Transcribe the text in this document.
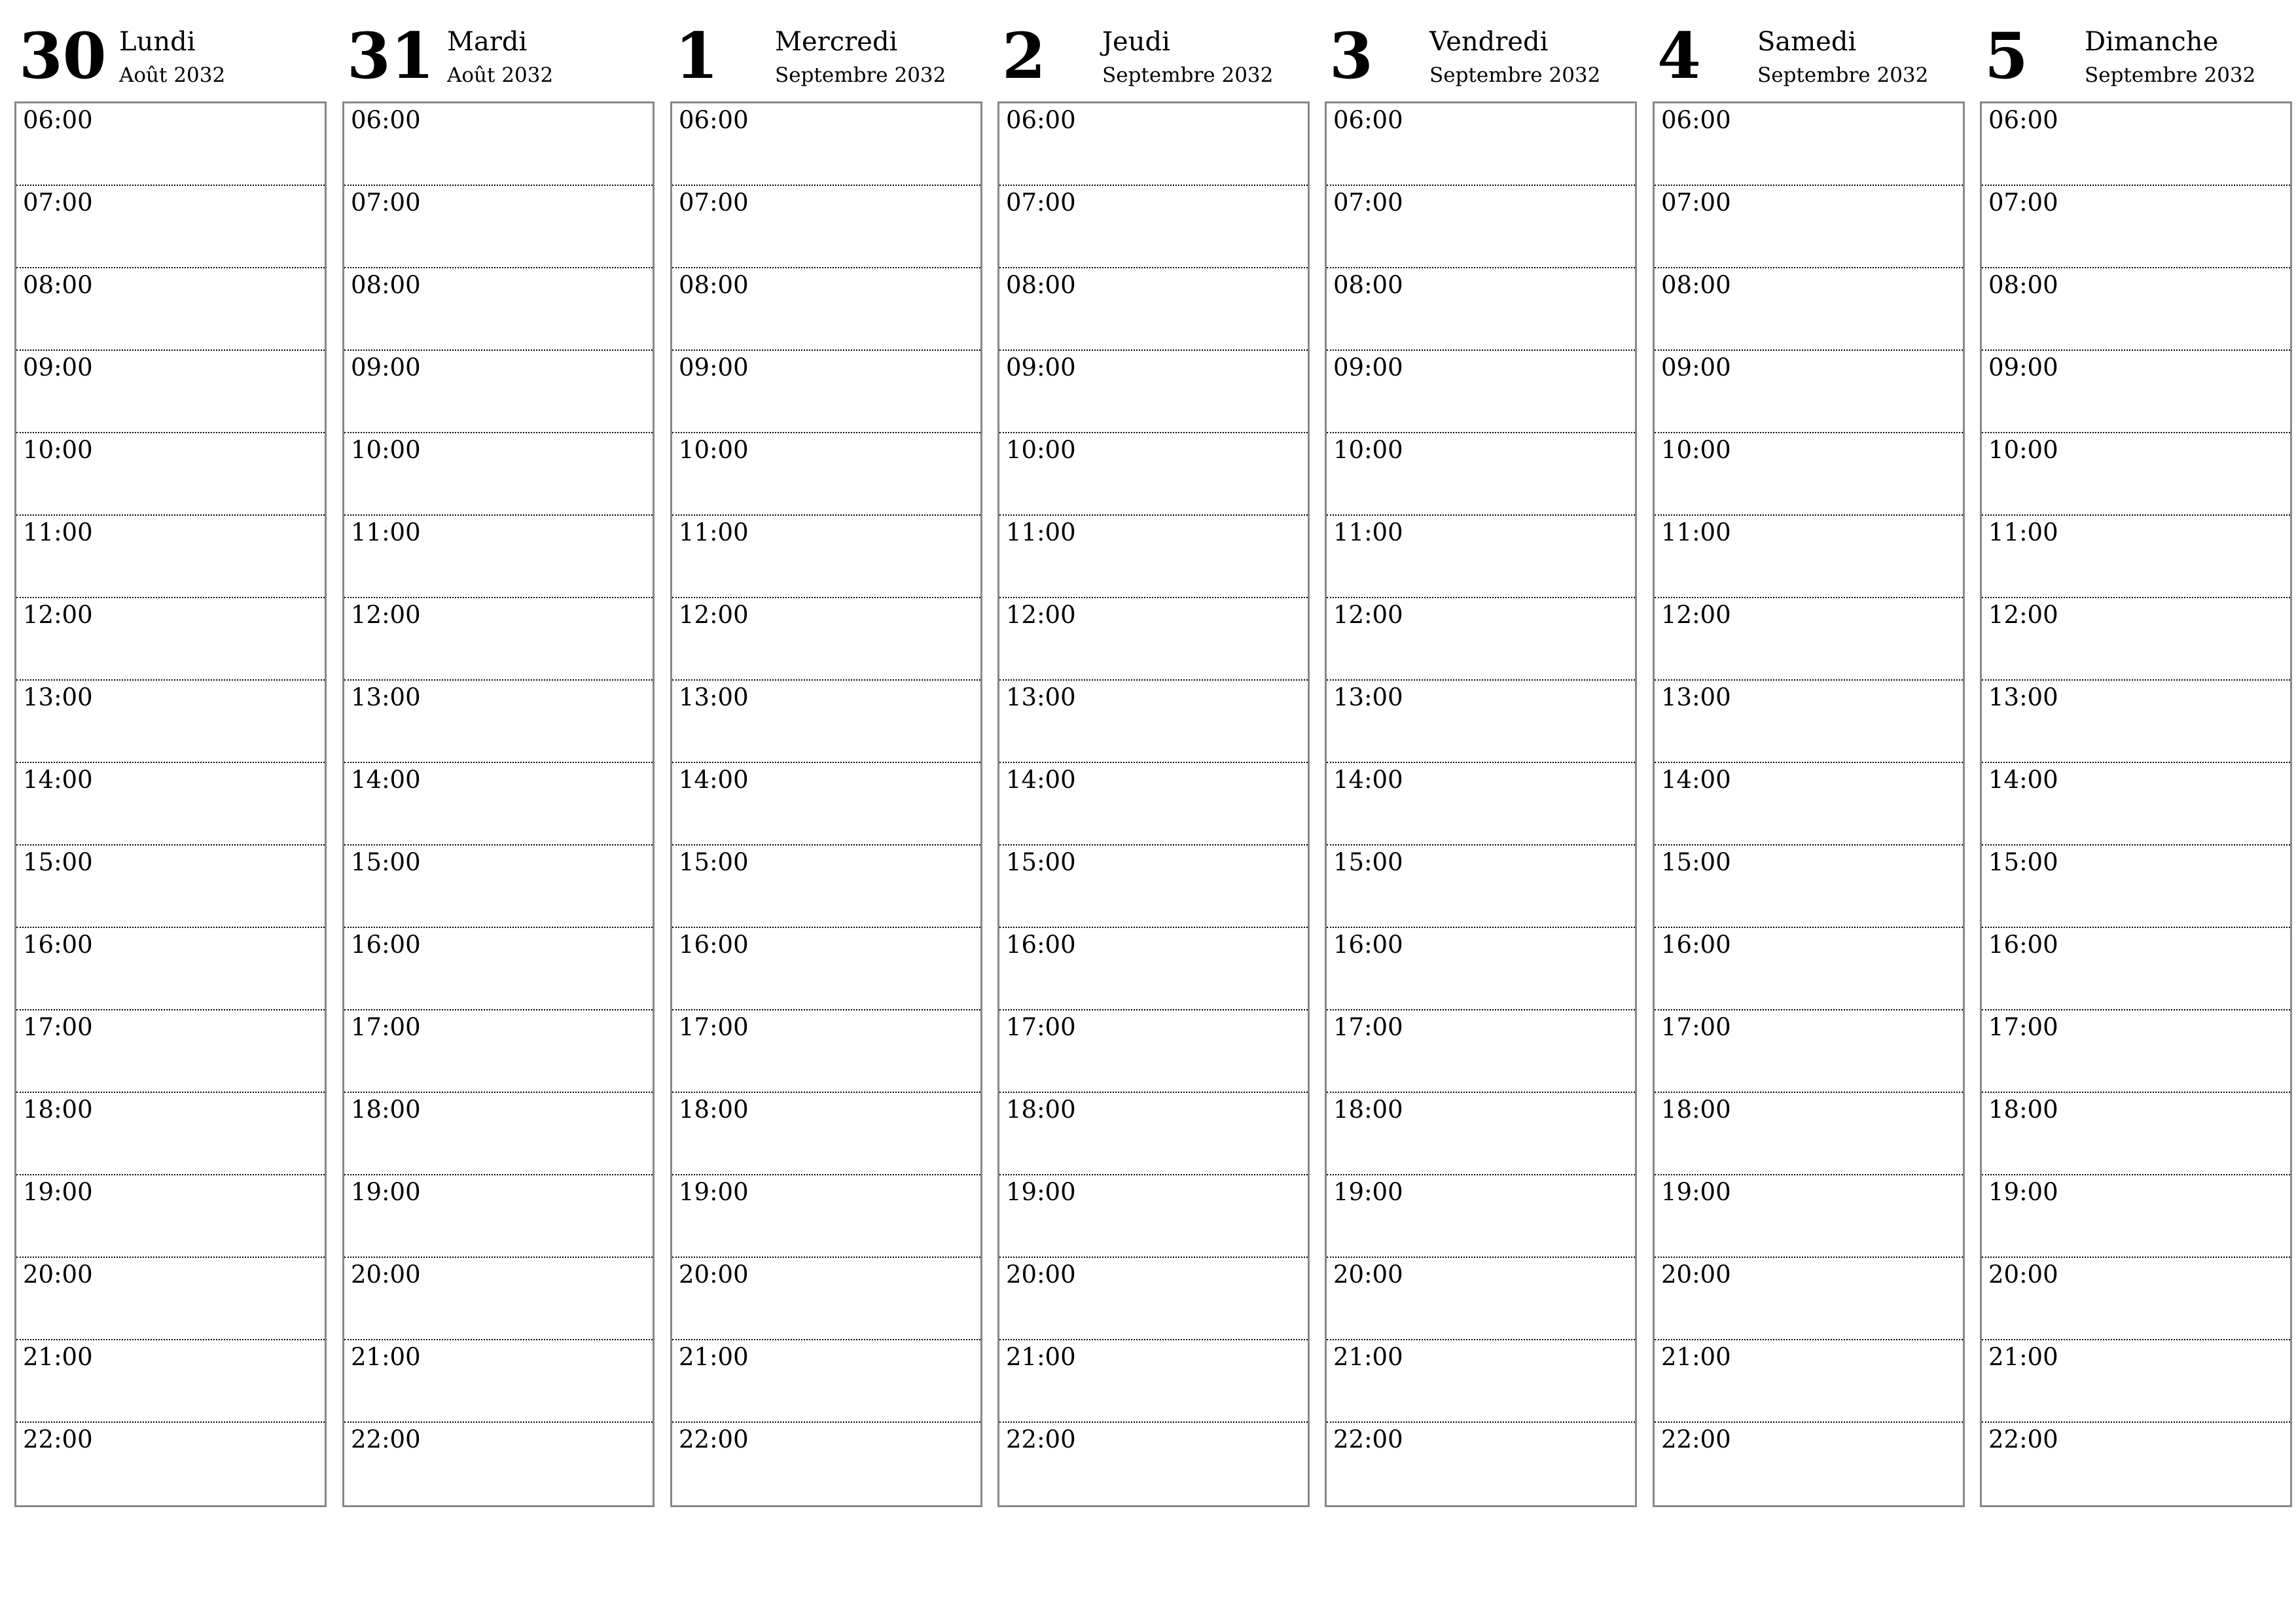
30 Lundi
Août 2032
06:00
07:00
08:00
09:00
10:00
11:00
12:00
13:00
14:00
15:00
16:00
17:00
18:00
19:00
20:00
21:00
22:00
31 Mardi
Août 2032
06:00
07:00
08:00
09:00
10:00
11:00
12:00
13:00
14:00
15:00
16:00
17:00
18:00
19:00
20:00
21:00
22:00
1 Mercredi
Septembre 2032
06:00
07:00
08:00
09:00
10:00
11:00
12:00
13:00
14:00
15:00
16:00
17:00
18:00
19:00
20:00
21:00
22:00
2 Jeudi
Septembre 2032
06:00
07:00
08:00
09:00
10:00
11:00
12:00
13:00
14:00
15:00
16:00
17:00
18:00
19:00
20:00
21:00
22:00
3 Vendredi
Septembre 2032
06:00
07:00
08:00
09:00
10:00
11:00
12:00
13:00
14:00
15:00
16:00
17:00
18:00
19:00
20:00
21:00
22:00
4 Samedi
Septembre 2032
06:00
07:00
08:00
09:00
10:00
11:00
12:00
13:00
14:00
15:00
16:00
17:00
18:00
19:00
20:00
21:00
22:00
5 Dimanche
Septembre 2032
06:00
07:00
08:00
09:00
10:00
11:00
12:00
13:00
14:00
15:00
16:00
17:00
18:00
19:00
20:00
21:00
22:00
